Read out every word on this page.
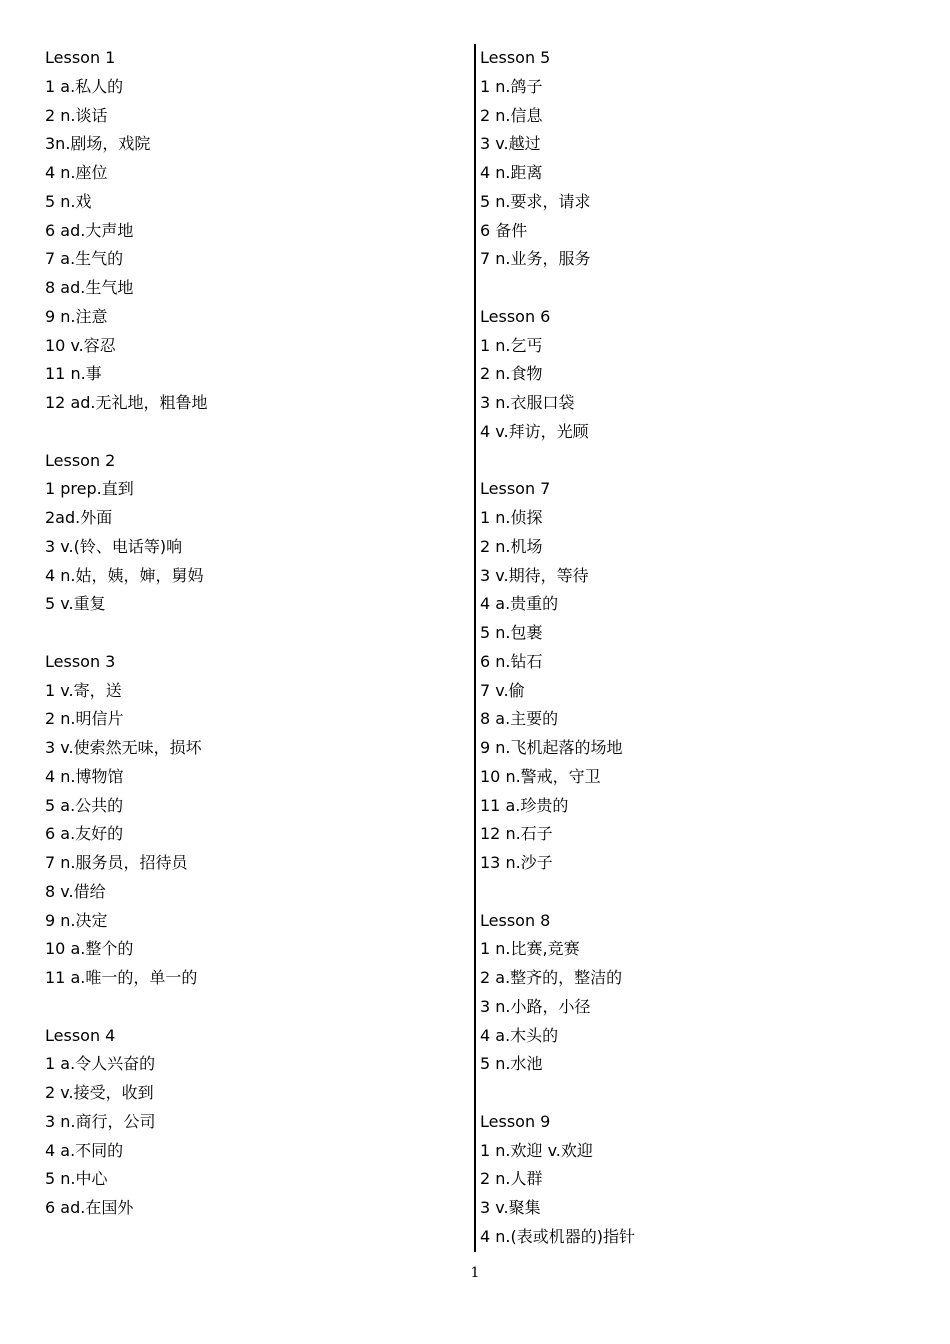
Lesson 1
1 a.私人的
2 n.谈话
3n.剧场，戏院
4 n.座位
5 n.戏
6 ad.大声地
7 a.生气的
8 ad.生气地
9 n.注意
10 v.容忍
11 n.事
12 ad.无礼地，粗鲁地
Lesson 2
1 prep.直到
2ad.外面
3 v.(铃、电话等)响
4 n.姑，姨，婶，舅妈
5 v.重复
Lesson 3
1 v.寄，送
2 n.明信片
3 v.使索然无味，损坏
4 n.博物馆
5 a.公共的
6 a.友好的
7 n.服务员，招待员
8 v.借给
9 n.决定
10 a.整个的
11 a.唯一的，单一的
Lesson 4
1 a.令人兴奋的
2 v.接受，收到
3 n.商行，公司
4 a.不同的
5 n.中心
6 ad.在国外
Lesson 5
1 n.鸽子
2 n.信息
3 v.越过
4 n.距离
5 n.要求，请求
6 备件
7 n.业务，服务
Lesson 6
1 n.乞丐
2 n.食物
3 n.衣服口袋
4 v.拜访，光顾
Lesson 7
1 n.侦探
2 n.机场
3 v.期待，等待
4 a.贵重的
5 n.包裹
6 n.钻石
7 v.偷
8 a.主要的
9 n.飞机起落的场地
10 n.警戒，守卫
11 a.珍贵的
12 n.石子
13 n.沙子
Lesson 8
1 n.比赛,竞赛
2 a.整齐的，整洁的
3 n.小路，小径
4 a.木头的
5 n.水池
Lesson 9
1 n.欢迎 v.欢迎
2 n.人群
3 v.聚集
4 n.(表或机器的)指针
1
